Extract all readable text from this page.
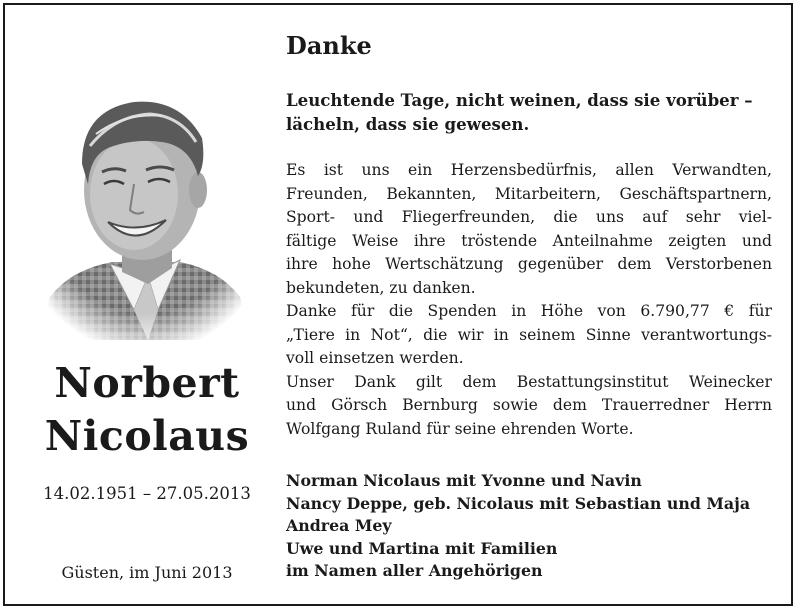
Norbert
Nicolaus
14.02.1951 – 27.05.2013
Güsten, im Juni 2013
Danke
Leuchtende Tage, nicht weinen, dass sie vorüber –
lächeln, dass sie gewesen.
Es ist uns ein Herzensbedürfnis, allen Verwandten,
Freunden, Bekannten, Mitarbeitern, Geschäftspartnern,
Sport- und Fliegerfreunden, die uns auf sehr viel-
fältige Weise ihre tröstende Anteilnahme zeigten und
ihre hohe Wertschätzung gegenüber dem Verstorbenen
bekundeten, zu danken.
Danke für die Spenden in Höhe von 6.790,77 € für
„Tiere in Not“, die wir in seinem Sinne verantwortungs-
voll einsetzen werden.
Unser Dank gilt dem Bestattungsinstitut Weinecker
und Görsch Bernburg sowie dem Trauerredner Herrn
Wolfgang Ruland für seine ehrenden Worte.
Norman Nicolaus mit Yvonne und Navin
Nancy Deppe, geb. Nicolaus mit Sebastian und Maja
Andrea Mey
Uwe und Martina mit Familien
im Namen aller Angehörigen
